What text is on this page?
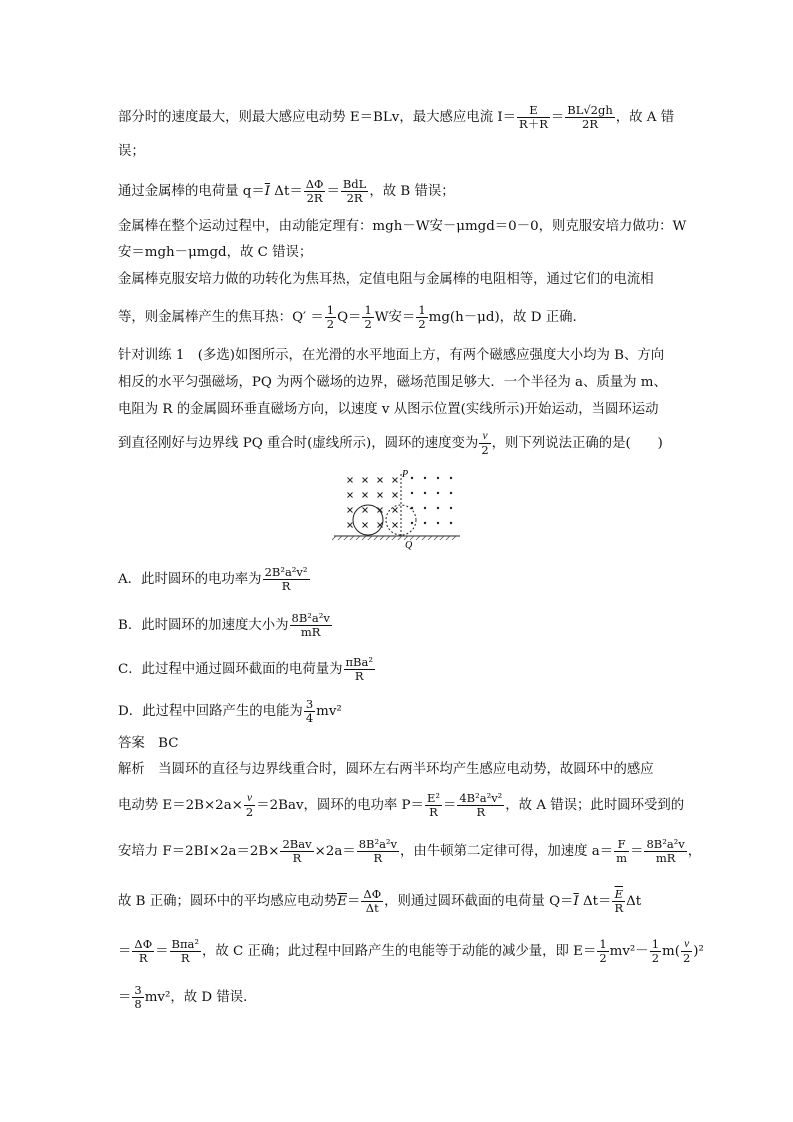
部分时的速度最大，则最大感应电动势 E＝BLv，最大感应电流 $I= \frac{E}{R+R} = \frac{BL√2gh}{2R}$ ，故 A 错
误；
通过金属棒的电荷量 $q=\overline{I}$ $\Delta t= \frac{\Delta\Phi}{2R} = \frac{\text{BdL}}{2R}$ ，故 B 错误；
金属棒在整个运动过程中，由动能定理有：mgh－W安－μmgd＝0－0，则克服安培力做功：W
安＝mgh－μmgd，故 C 错误；
金属棒克服安培力做的功转化为焦耳热，定值电阻与金属棒的电阻相等，通过它们的电流相
等，则金属棒产生的焦耳热：$Q' = \frac{1}{2} Q= \frac{1}{2}$ W安＝ $\frac{1}{2} mg(h-\mu d)$，故 D 正确．
针对训练 1　(多选)如图所示，在光滑的水平地面上方，有两个磁感应强度大小均为 B、方向
相反的水平匀强磁场，PQ 为两个磁场的边界，磁场范围足够大．一个半径为 a、质量为 m、
电阻为 R 的金属圆环垂直磁场方向，以速度 v 从图示位置(实线所示)开始运动，当圆环运动
到直径刚好与边界线 PQ 重合时(虚线所示)，圆环的速度变为 $\frac{v}{2}$ ，则下列说法正确的是(　　)
P
Q
A．此时圆环的电功率为 $\frac{\text{2B²a²v²}}{R}$
B．此时圆环的加速度大小为 $\frac{\text{8B²a²v}}{mR}$
C．此过程中通过圆环截面的电荷量为 $\frac{\text{πBa²}}{R}$
D．此过程中回路产生的电能为 $\frac{3}{4} mv^2$
答案　BC
解析　当圆环的直径与边界线重合时，圆环左右两半环均产生感应电动势，故圆环中的感应
电动势 $E=2B\times 2a\times \frac{v}{2} =2Bav$，圆环的电功率 $P= \frac{\text{E²}}{R} = \frac{\text{4B²a²v²}}{R}$ ，故 A 错误；此时圆环受到的
安培力 $F=2BI\times 2a=2B\times \frac{\text{2Bav}}{R} \times 2a= \frac{\text{8B²a²v}}{R}$ ，由牛顿第二定律可得，加速度 $a= \frac{F}{m} = \frac{\text{8B²a²v}}{mR}$ ，
故 B 正确；圆环中的平均感应电动势$\overline{E}= \frac{\Delta\Phi}{\Delta t}$ ，则通过圆环截面的电荷量 $Q=\overline{I}$ $\Delta t= \frac{\overline{E}}{R}$ Δt
＝ $\frac{\Delta\Phi}{R} = \frac{\text{Bπa²}}{R}$ ，故 C 正确；此过程中回路产生的电能等于动能的减少量，即 $E= \frac{1}{2} mv^2- \frac{1}{2} m( \frac{v}{2} )^2$
＝ $\frac{3}{8} mv^2$，故 D 错误．
